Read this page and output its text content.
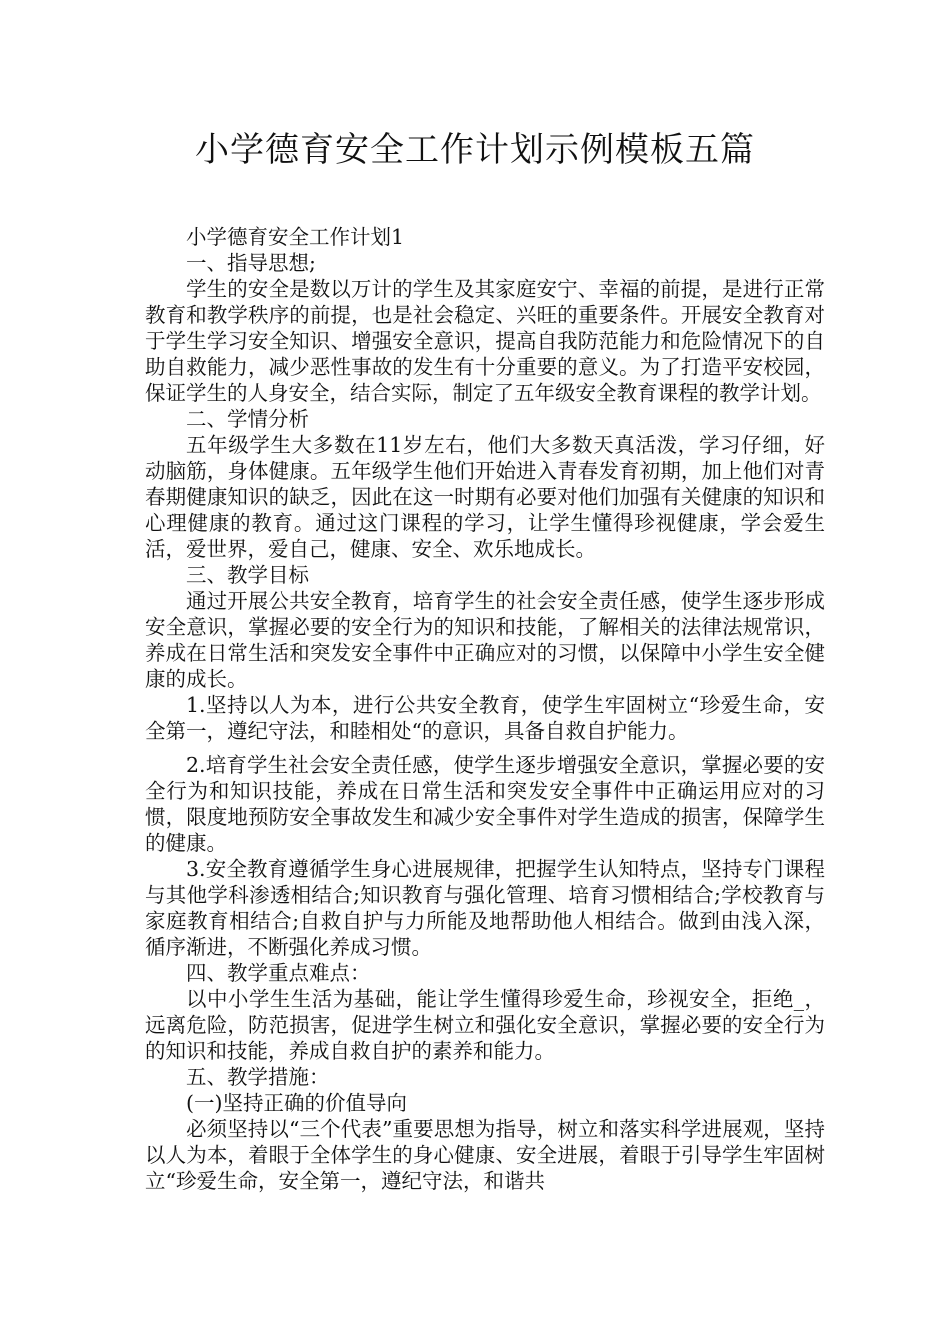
小学德育安全工作计划示例模板五篇

小学德育安全工作计划1

一、指导思想;

学生的安全是数以万计的学生及其家庭安宁、幸福的前提，是进行正常教育和教学秩序的前提，也是社会稳定、兴旺的重要条件。开展安全教育对于学生学习安全知识、增强安全意识，提高自我防范能力和危险情况下的自助自救能力，减少恶性事故的发生有十分重要的意义。为了打造平安校园，保证学生的人身安全，结合实际，制定了五年级安全教育课程的教学计划。

二、学情分析

五年级学生大多数在11岁左右，他们大多数天真活泼，学习仔细，好动脑筋，身体健康。五年级学生他们开始进入青春发育初期，加上他们对青春期健康知识的缺乏，因此在这一时期有必要对他们加强有关健康的知识和心理健康的教育。通过这门课程的学习，让学生懂得珍视健康，学会爱生活，爱世界，爱自己，健康、安全、欢乐地成长。

三、教学目标

通过开展公共安全教育，培育学生的社会安全责任感，使学生逐步形成安全意识，掌握必要的安全行为的知识和技能，了解相关的法律法规常识，养成在日常生活和突发安全事件中正确应对的习惯，以保障中小学生安全健康的成长。

1.坚持以人为本，进行公共安全教育，使学生牢固树立“珍爱生命，安全第一，遵纪守法，和睦相处“的意识，具备自救自护能力。

2.培育学生社会安全责任感，使学生逐步增强安全意识，掌握必要的安全行为和知识技能，养成在日常生活和突发安全事件中正确运用应对的习惯，限度地预防安全事故发生和减少安全事件对学生造成的损害，保障学生的健康。

3.安全教育遵循学生身心进展规律，把握学生认知特点，坚持专门课程与其他学科渗透相结合;知识教育与强化管理、培育习惯相结合;学校教育与家庭教育相结合;自救自护与力所能及地帮助他人相结合。做到由浅入深，循序渐进，不断强化养成习惯。

四、教学重点难点：

以中小学生生活为基础，能让学生懂得珍爱生命，珍视安全，拒绝_，远离危险，防范损害，促进学生树立和强化安全意识，掌握必要的安全行为的知识和技能，养成自救自护的素养和能力。

五、教学措施：

(一)坚持正确的价值导向

必须坚持以“三个代表”重要思想为指导，树立和落实科学进展观，坚持以人为本，着眼于全体学生的身心健康、安全进展，着眼于引导学生牢固树立“珍爱生命，安全第一，遵纪守法，和谐共
